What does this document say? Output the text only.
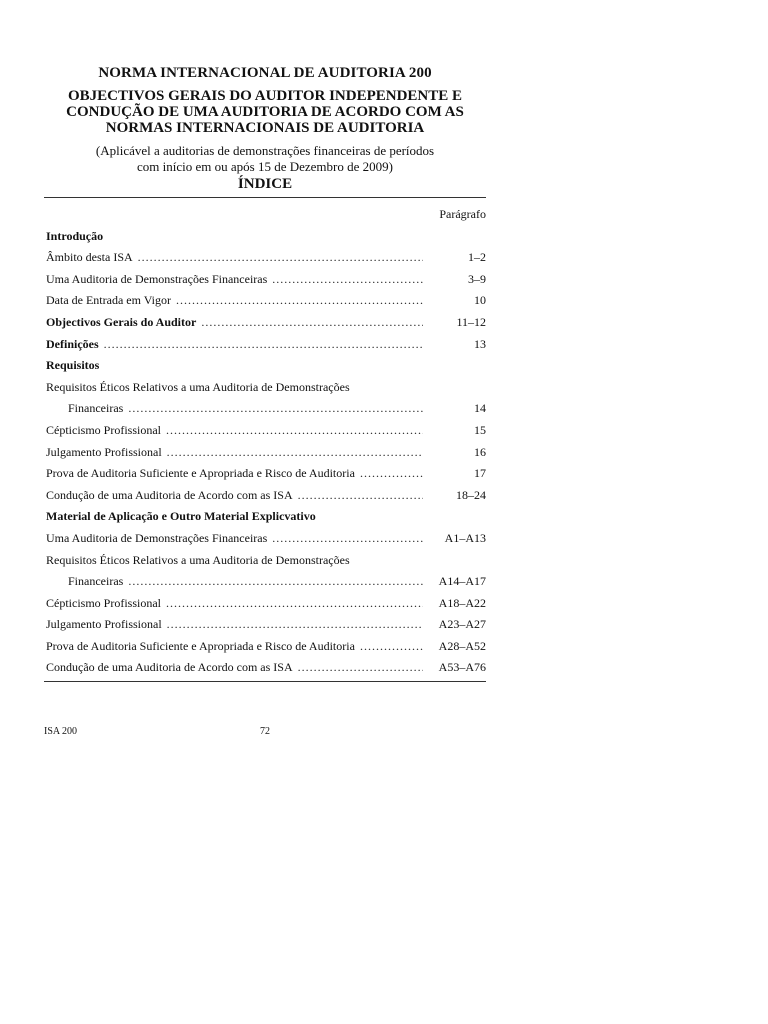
NORMA INTERNACIONAL DE AUDITORIA 200
OBJECTIVOS GERAIS DO AUDITOR INDEPENDENTE E
CONDUÇÃO DE UMA AUDITORIA DE ACORDO COM AS
NORMAS INTERNACIONAIS DE AUDITORIA
(Aplicável a auditorias de demonstrações financeiras de períodos
com início em ou após 15 de Dezembro de 2009)
ÍNDICE
Parágrafo
Introdução
Âmbito desta ISA .....	1–2
Uma Auditoria de Demonstrações Financeiras .....	3–9
Data de Entrada em Vigor .....	10
Objectivos Gerais do Auditor .....	11–12
Definições .....	13
Requisitos
Requisitos Éticos Relativos a uma Auditoria de Demonstrações
Financeiras .....	14
Cépticismo Profissional .....	15
Julgamento Profissional .....	16
Prova de Auditoria Suficiente e Apropriada e Risco de Auditoria .....	17
Condução de uma Auditoria de Acordo com as ISA .....	18–24
Material de Aplicação e Outro Material Explicvativo
Uma Auditoria de Demonstrações Financeiras .....	A1–A13
Requisitos Éticos Relativos a uma Auditoria de Demonstrações
Financeiras .....	A14–A17
Cépticismo Profissional .....	A18–A22
Julgamento Profissional .....	A23–A27
Prova de Auditoria Suficiente e Apropriada e Risco de Auditoria .....	A28–A52
Condução de uma Auditoria de Acordo com as ISA .....	A53–A76
ISA 200	72
